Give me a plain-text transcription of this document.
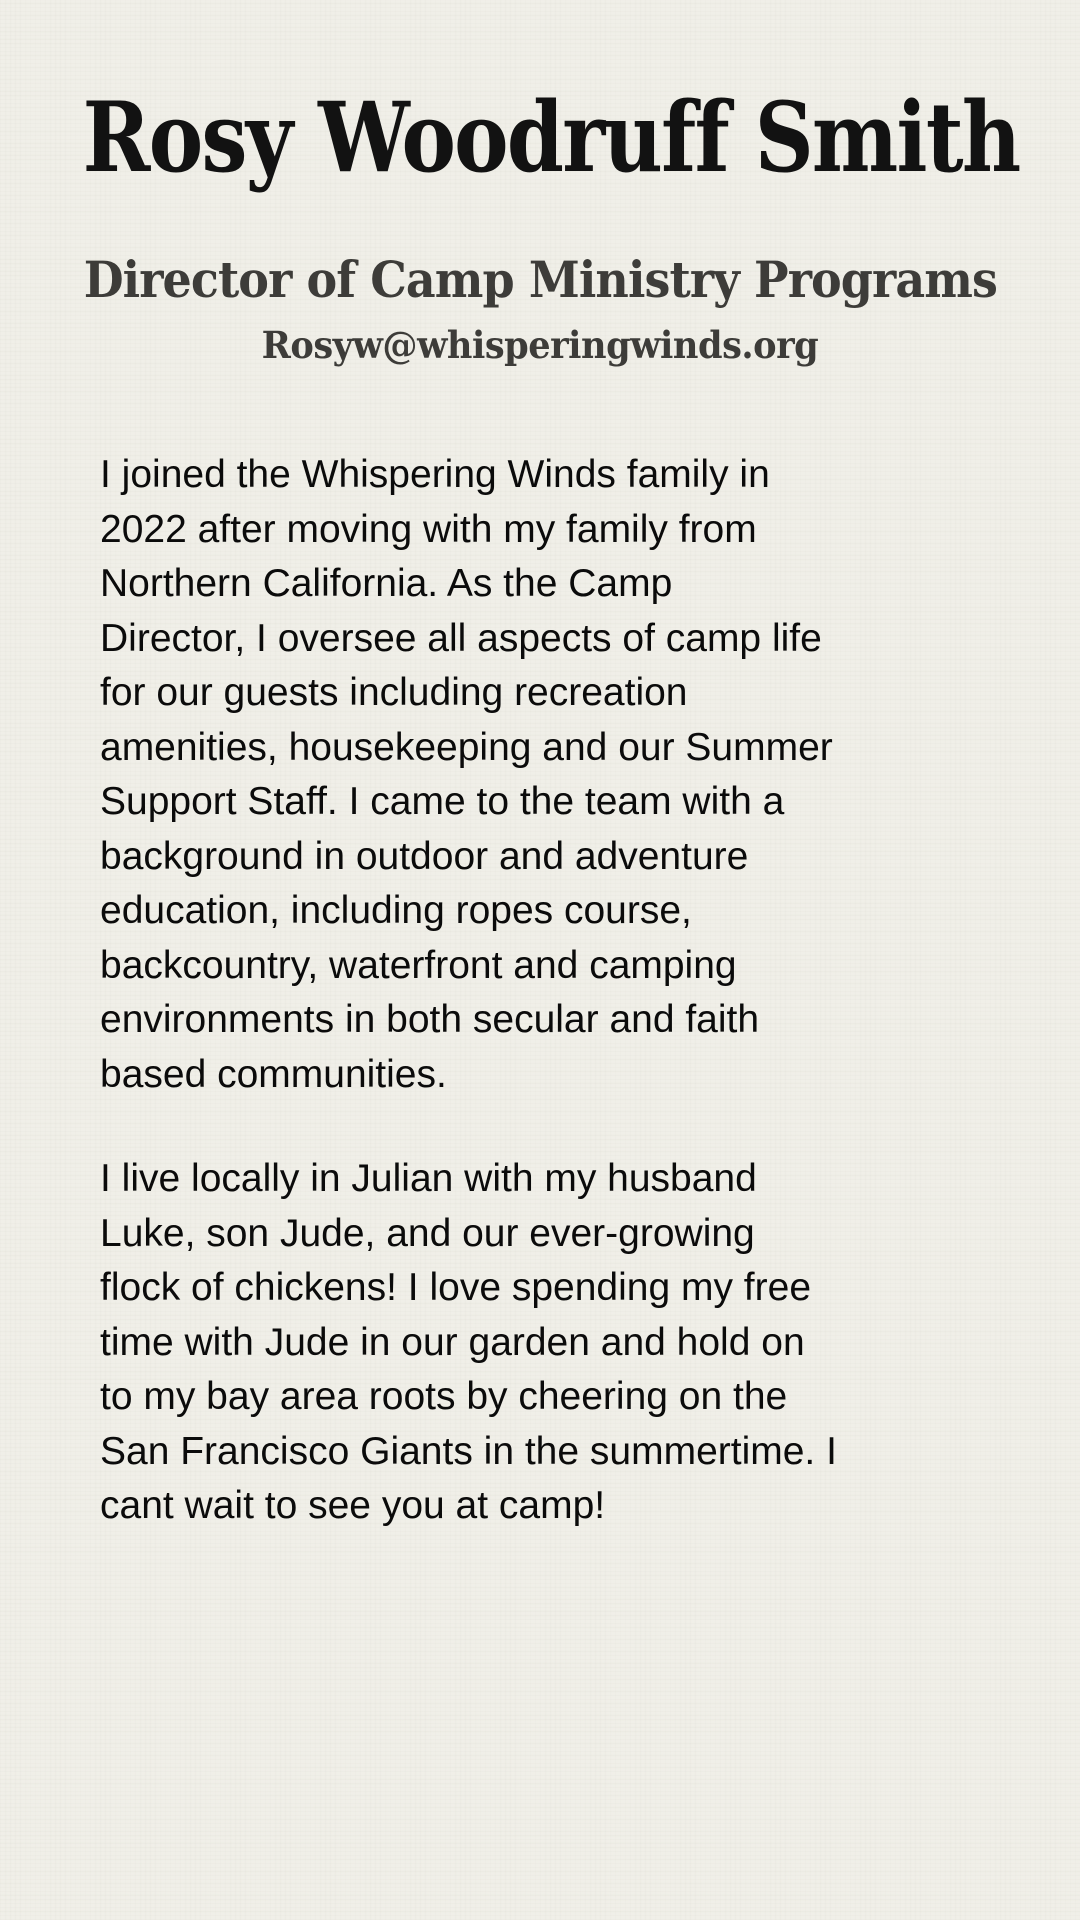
Rosy Woodruff Smith
Director of Camp Ministry Programs
Rosyw@whisperingwinds.org

I joined the Whispering Winds family in
2022 after moving with my family from
Northern California. As the Camp
Director, I oversee all aspects of camp life
for our guests including recreation
amenities, housekeeping and our Summer
Support Staff. I came to the team with a
background in outdoor and adventure
education, including ropes course,
backcountry, waterfront and camping
environments in both secular and faith
based communities.

I live locally in Julian with my husband
Luke, son Jude, and our ever-growing
flock of chickens! I love spending my free
time with Jude in our garden and hold on
to my bay area roots by cheering on the
San Francisco Giants in the summertime. I
cant wait to see you at camp!
